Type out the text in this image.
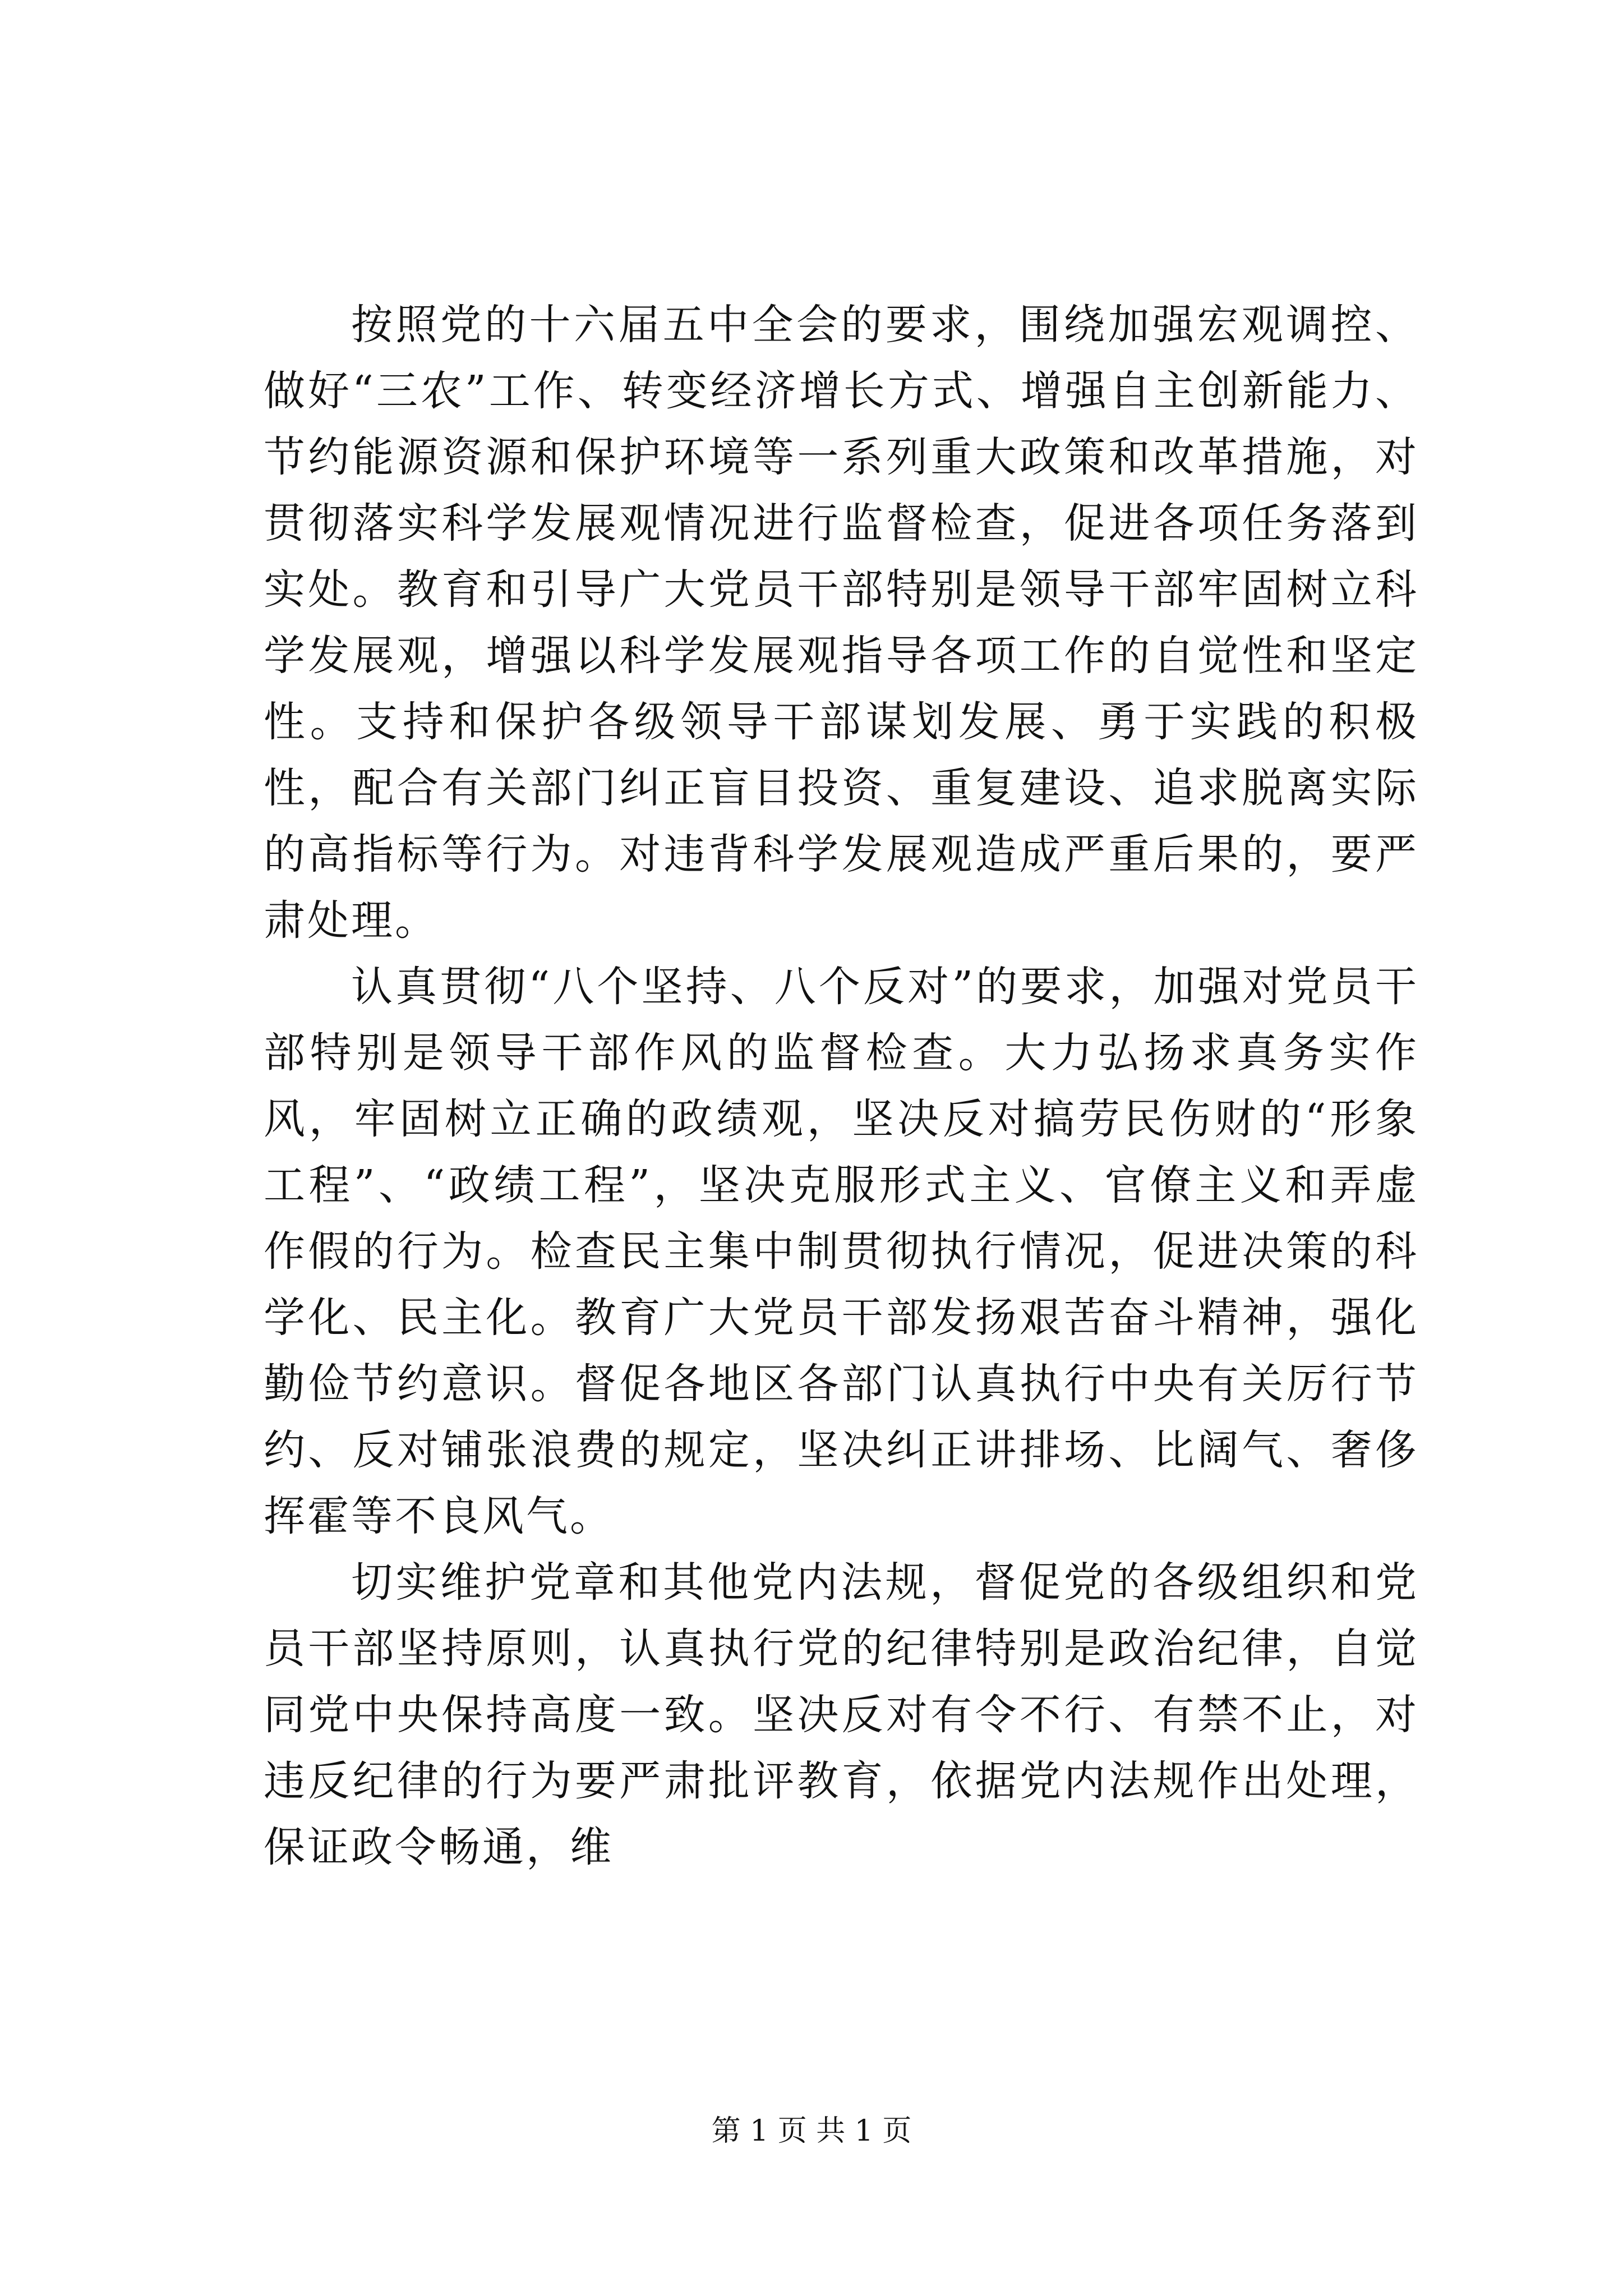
按照党的十六届五中全会的要求，围绕加强宏观调控、做好“三农”工作、转变经济增长方式、增强自主创新能力、节约能源资源和保护环境等一系列重大政策和改革措施，对贯彻落实科学发展观情况进行监督检查，促进各项任务落到实处。教育和引导广大党员干部特别是领导干部牢固树立科学发展观，增强以科学发展观指导各项工作的自觉性和坚定性。支持和保护各级领导干部谋划发展、勇于实践的积极性，配合有关部门纠正盲目投资、重复建设、追求脱离实际的高指标等行为。对违背科学发展观造成严重后果的，要严肃处理。

认真贯彻“八个坚持、八个反对”的要求，加强对党员干部特别是领导干部作风的监督检查。大力弘扬求真务实作风，牢固树立正确的政绩观，坚决反对搞劳民伤财的“形象工程”、“政绩工程”，坚决克服形式主义、官僚主义和弄虚作假的行为。检查民主集中制贯彻执行情况，促进决策的科学化、民主化。教育广大党员干部发扬艰苦奋斗精神，强化勤俭节约意识。督促各地区各部门认真执行中央有关厉行节约、反对铺张浪费的规定，坚决纠正讲排场、比阔气、奢侈挥霍等不良风气。

切实维护党章和其他党内法规，督促党的各级组织和党员干部坚持原则，认真执行党的纪律特别是政治纪律，自觉同党中央保持高度一致。坚决反对有令不行、有禁不止，对违反纪律的行为要严肃批评教育，依据党内法规作出处理，保证政令畅通，维

第 1 页 共 1 页
